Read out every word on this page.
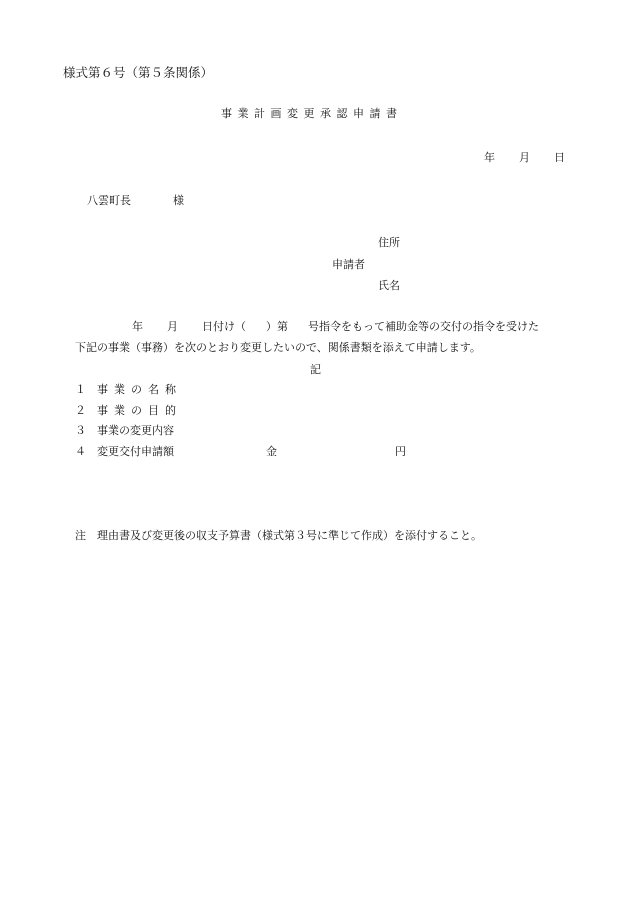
様式第６号（第５条関係）
事業計画変更承認申請書
年 月 日
八雲町長	様
住所
申請者
氏名
年 月 日付け（ ）第 号指令をもって補助金等の交付の指令を受けた
下記の事業（事務）を次のとおり変更したいので、関係書類を添えて申請します。
記
１ 事業の名称
２ 事業の目的
３ 事業の変更内容
４ 変更交付申請額	金	円
注 理由書及び変更後の収支予算書（様式第３号に準じて作成）を添付すること。
